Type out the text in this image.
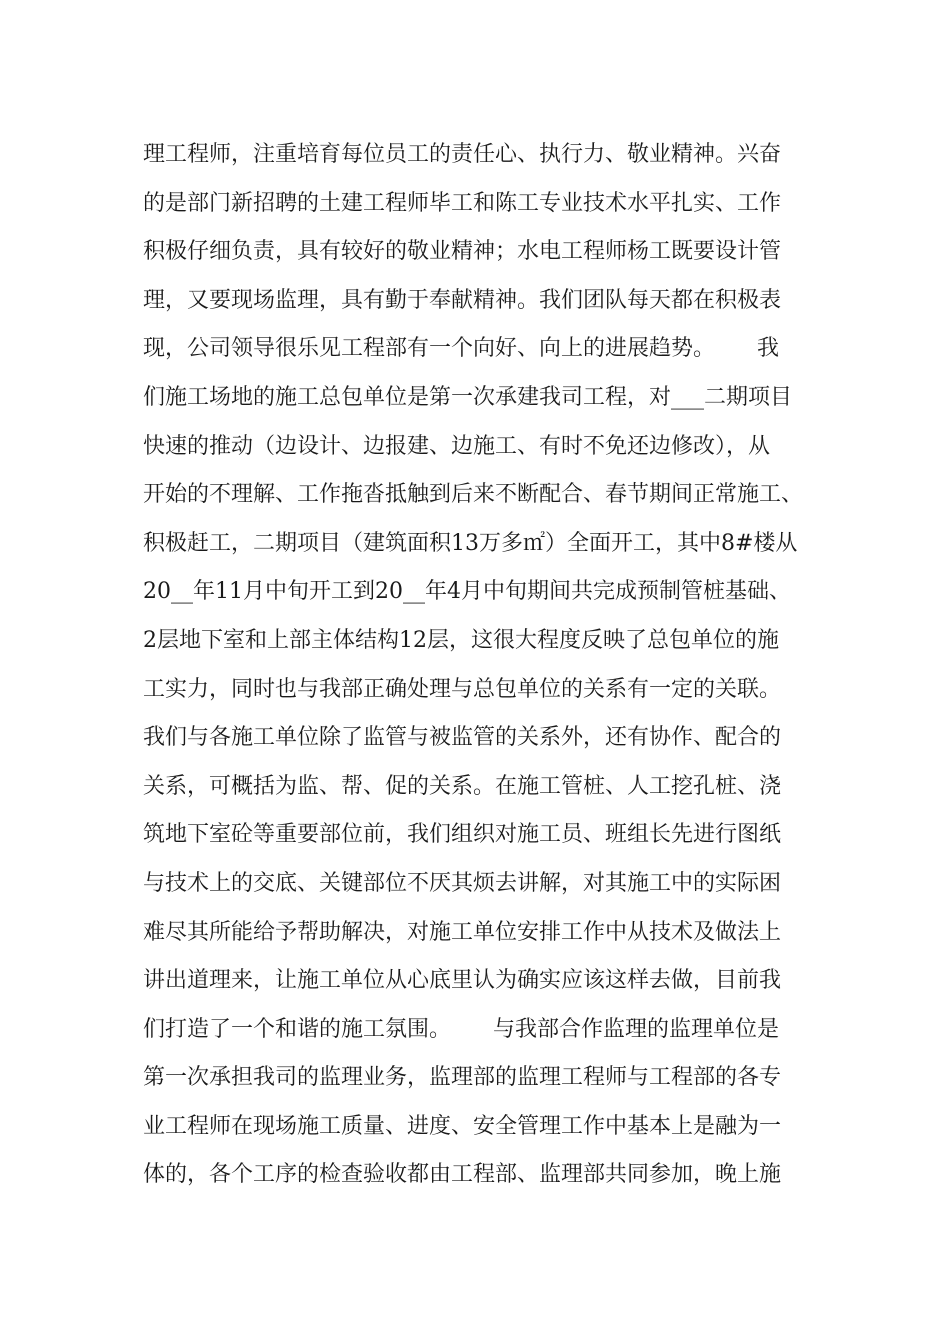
理工程师，注重培育每位员工的责任心、执行力、敬业精神。兴奋
的是部门新招聘的土建工程师毕工和陈工专业技术水平扎实、工作
积极仔细负责，具有较好的敬业精神；水电工程师杨工既要设计管
理，又要现场监理，具有勤于奉献精神。我们团队每天都在积极表
现，公司领导很乐见工程部有一个向好、向上的进展趋势。      我
们施工场地的施工总包单位是第一次承建我司工程，对___二期项目
快速的推动（边设计、边报建、边施工、有时不免还边修改），从
开始的不理解、工作拖沓抵触到后来不断配合、春节期间正常施工、
积极赶工，二期项目（建筑面积13万多㎡）全面开工，其中8#楼从
20__年11月中旬开工到20__年4月中旬期间共完成预制管桩基础、
2层地下室和上部主体结构12层，这很大程度反映了总包单位的施
工实力，同时也与我部正确处理与总包单位的关系有一定的关联。
我们与各施工单位除了监管与被监管的关系外，还有协作、配合的
关系，可概括为监、帮、促的关系。在施工管桩、人工挖孔桩、浇
筑地下室砼等重要部位前，我们组织对施工员、班组长先进行图纸
与技术上的交底、关键部位不厌其烦去讲解，对其施工中的实际困
难尽其所能给予帮助解决，对施工单位安排工作中从技术及做法上
讲出道理来，让施工单位从心底里认为确实应该这样去做，目前我
们打造了一个和谐的施工氛围。      与我部合作监理的监理单位是
第一次承担我司的监理业务，监理部的监理工程师与工程部的各专
业工程师在现场施工质量、进度、安全管理工作中基本上是融为一
体的，各个工序的检查验收都由工程部、监理部共同参加，晚上施
